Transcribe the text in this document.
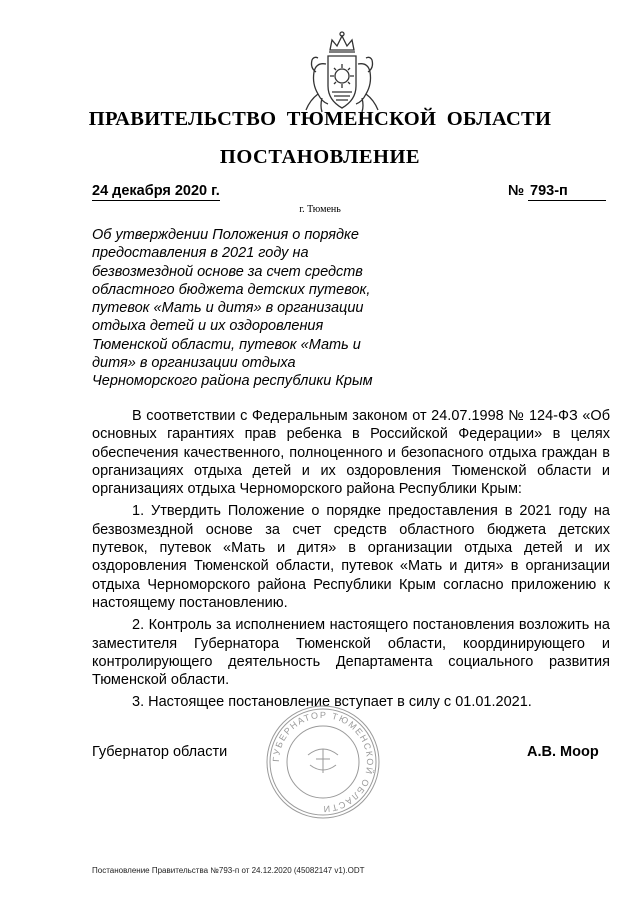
ПРАВИТЕЛЬСТВО ТЮМЕНСКОЙ ОБЛАСТИ
ПОСТАНОВЛЕНИЕ
24 декабря 2020 г.	№ 793-п
г. Тюмень
Об утверждении Положения о порядке
предоставления в 2021 году на
безвозмездной основе за счет средств
областного бюджета детских путевок,
путевок «Мать и дитя» в организации
отдыха детей и их оздоровления
Тюменской области, путевок «Мать и
дитя» в организации отдыха
Черноморского района республики Крым

В соответствии с Федеральным законом от 24.07.1998 № 124-ФЗ «Об основных гарантиях прав ребенка в Российской Федерации» в целях обеспечения качественного, полноценного и безопасного отдыха граждан в организациях отдыха детей и их оздоровления Тюменской области и организациях отдыха Черноморского района Республики Крым:

1. Утвердить Положение о порядке предоставления в 2021 году на безвозмездной основе за счет средств областного бюджета детских путевок, путевок «Мать и дитя» в организации отдыха детей и их оздоровления Тюменской области, путевок «Мать и дитя» в организации отдыха Черноморского района Республики Крым согласно приложению к настоящему постановлению.

2. Контроль за исполнением настоящего постановления возложить на заместителя Губернатора Тюменской области, координирующего и контролирующего деятельность Департамента социального развития Тюменской области.

3. Настоящее постановление вступает в силу с 01.01.2021.

Губернатор области	ГУБЕРНАТОР ТЮМЕНСКОЙ ОБЛАСТИ
А.В. Моор
Постановление Правительства №793-п от 24.12.2020 (45082147 v1).ODT
